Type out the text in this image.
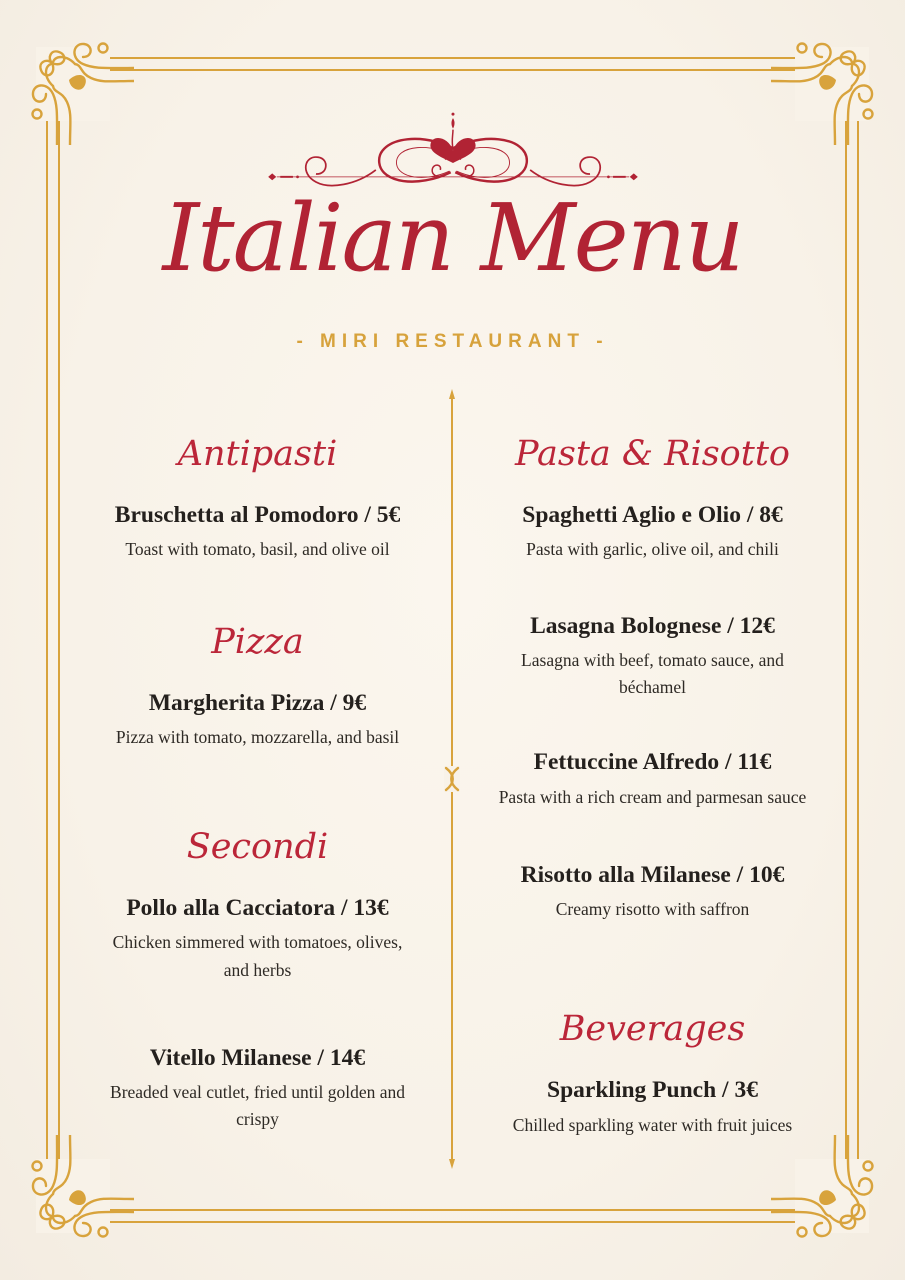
Italian Menu
- MIRI RESTAURANT -
Antipasti

Bruschetta al Pomodoro / 5€

Toast with tomato, basil, and olive oil

Pizza

Margherita Pizza / 9€

Pizza with tomato, mozzarella, and basil

Secondi

Pollo alla Cacciatora / 13€

Chicken simmered with tomatoes, olives, and herbs

Vitello Milanese / 14€

Breaded veal cutlet, fried until golden and crispy

Pasta & Risotto

Spaghetti Aglio e Olio / 8€

Pasta with garlic, olive oil, and chili

Lasagna Bolognese / 12€

Lasagna with beef, tomato sauce, and béchamel

Fettuccine Alfredo / 11€

Pasta with a rich cream and parmesan sauce

Risotto alla Milanese / 10€

Creamy risotto with saffron

Beverages

Sparkling Punch / 3€

Chilled sparkling water with fruit juices
